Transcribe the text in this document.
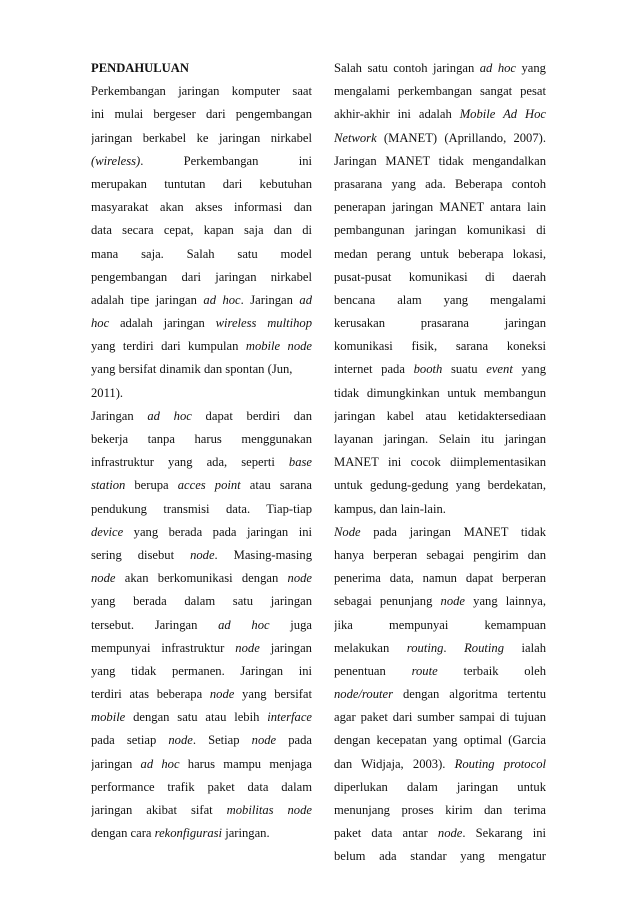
PENDAHULUAN
Perkembangan jaringan komputer saat
ini mulai bergeser dari pengembangan
jaringan berkabel ke jaringan nirkabel
(wireless). Perkembangan ini
merupakan tuntutan dari kebutuhan
masyarakat akan akses informasi dan
data secara cepat, kapan saja dan di
mana saja. Salah satu model
pengembangan dari jaringan nirkabel
adalah tipe jaringan ad hoc. Jaringan ad
hoc adalah jaringan wireless multihop
yang terdiri dari kumpulan mobile node
yang bersifat dinamik dan spontan (Jun,
2011).
Jaringan ad hoc dapat berdiri dan
bekerja tanpa harus menggunakan
infrastruktur yang ada, seperti base
station berupa acces point atau sarana
pendukung transmisi data. Tiap-tiap
device yang berada pada jaringan ini
sering disebut node. Masing-masing
node akan berkomunikasi dengan node
yang berada dalam satu jaringan
tersebut. Jaringan ad hoc juga
mempunyai infrastruktur node jaringan
yang tidak permanen. Jaringan ini
terdiri atas beberapa node yang bersifat
mobile dengan satu atau lebih interface
pada setiap node. Setiap node pada
jaringan ad hoc harus mampu menjaga
performance trafik paket data dalam
jaringan akibat sifat mobilitas node
dengan cara rekonfigurasi jaringan.
Salah satu contoh jaringan ad hoc yang
mengalami perkembangan sangat pesat
akhir-akhir ini adalah Mobile Ad Hoc
Network (MANET) (Aprillando, 2007).
Jaringan MANET tidak mengandalkan
prasarana yang ada. Beberapa contoh
penerapan jaringan MANET antara lain
pembangunan jaringan komunikasi di
medan perang untuk beberapa lokasi,
pusat-pusat komunikasi di daerah
bencana alam yang mengalami
kerusakan prasarana jaringan
komunikasi fisik, sarana koneksi
internet pada booth suatu event yang
tidak dimungkinkan untuk membangun
jaringan kabel atau ketidaktersediaan
layanan jaringan. Selain itu jaringan
MANET ini cocok diimplementasikan
untuk gedung-gedung yang berdekatan,
kampus, dan lain-lain.
Node pada jaringan MANET tidak
hanya berperan sebagai pengirim dan
penerima data, namun dapat berperan
sebagai penunjang node yang lainnya,
jika mempunyai kemampuan
melakukan routing. Routing ialah
penentuan route terbaik oleh
node/router dengan algoritma tertentu
agar paket dari sumber sampai di tujuan
dengan kecepatan yang optimal (Garcia
dan Widjaja, 2003). Routing protocol
diperlukan dalam jaringan untuk
menunjang proses kirim dan terima
paket data antar node. Sekarang ini
belum ada standar yang mengatur
